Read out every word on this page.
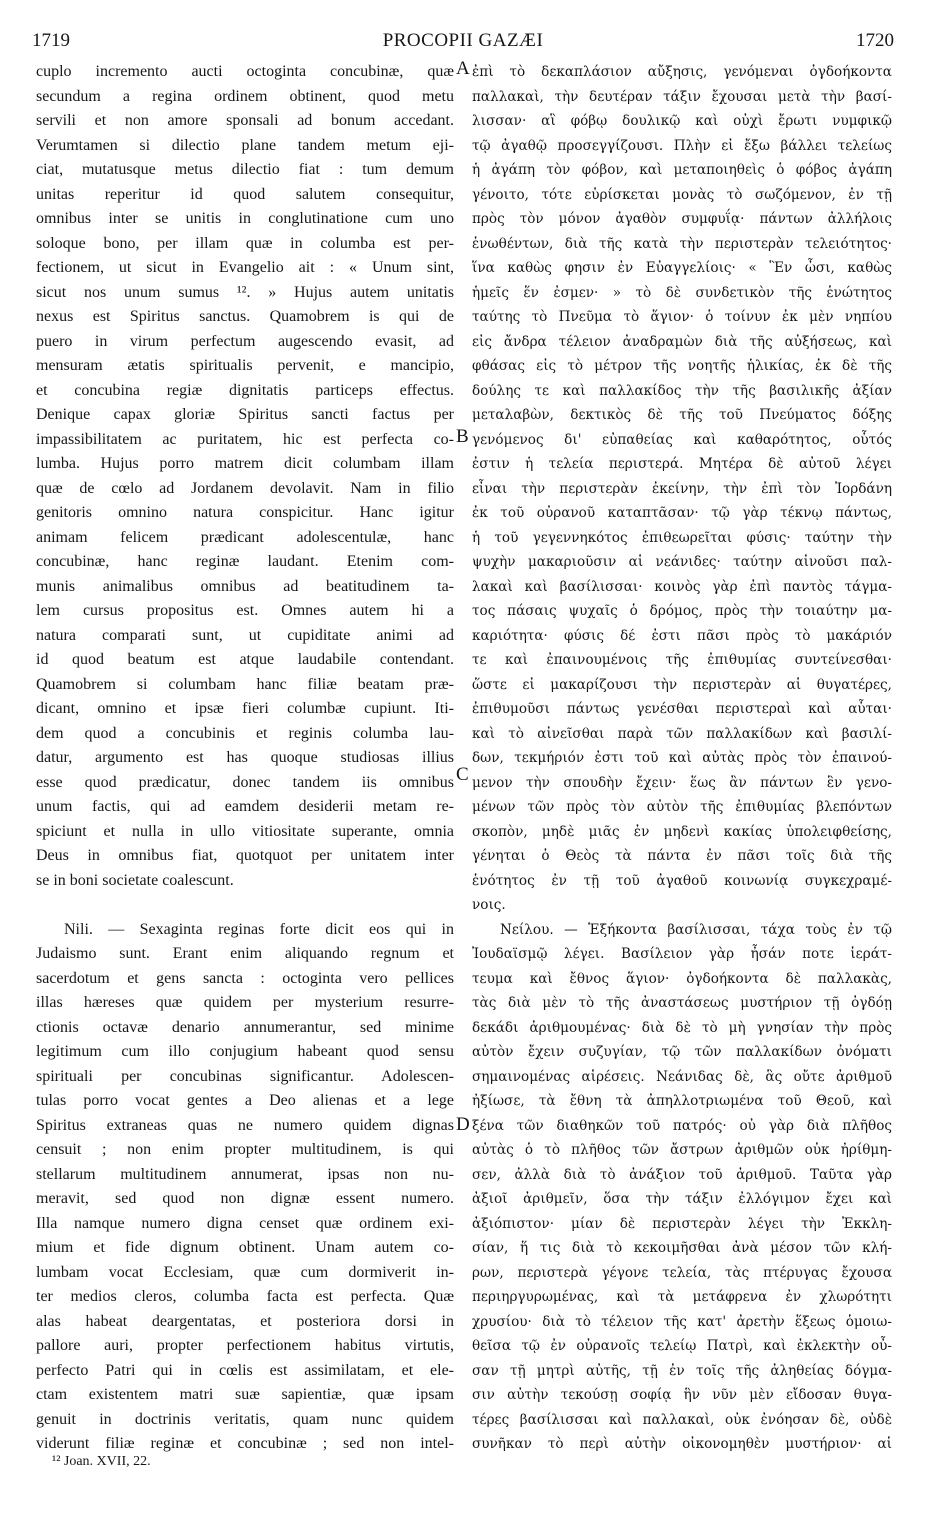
1719	PROCOPII GAZÆI	1720
cuplo incremento aucti octoginta concubinæ, quæ
secundum a regina ordinem obtinent, quod metu
servili et non amore sponsali ad bonum accedant.
Verumtamen si dilectio plane tandem metum eji-
ciat, mutatusque metus dilectio fiat : tum demum
unitas reperitur id quod salutem consequitur,
omnibus inter se unitis in conglutinatione cum uno
soloque bono, per illam quæ in columba est per-
fectionem, ut sicut in Evangelio ait : « Unum sint,
sicut nos unum sumus ¹². » Hujus autem unitatis
nexus est Spiritus sanctus. Quamobrem is qui de
puero in virum perfectum augescendo evasit, ad
mensuram ætatis spiritualis pervenit, e mancipio,
et concubina regiæ dignitatis particeps effectus.
Denique capax gloriæ Spiritus sancti factus per
impassibilitatem ac puritatem, hic est perfecta co-
lumba. Hujus porro matrem dicit columbam illam
quæ de cœlo ad Jordanem devolavit. Nam in filio
genitoris omnino natura conspicitur. Hanc igitur
animam felicem prædicant adolescentulæ, hanc
concubinæ, hanc reginæ laudant. Etenim com-
munis animalibus omnibus ad beatitudinem ta-
lem cursus propositus est. Omnes autem hi a
natura comparati sunt, ut cupiditate animi ad
id quod beatum est atque laudabile contendant.
Quamobrem si columbam hanc filiæ beatam præ-
dicant, omnino et ipsæ fieri columbæ cupiunt. Iti-
dem quod a concubinis et reginis columba lau-
datur, argumento est has quoque studiosas illius
esse quod prædicatur, donec tandem iis omnibus
unum factis, qui ad eamdem desiderii metam re-
spiciunt et nulla in ullo vitiositate superante, omnia
Deus in omnibus fiat, quotquot per unitatem inter
se in boni societate coalescunt.
Nili. — Sexaginta reginas forte dicit eos qui in
Judaismo sunt. Erant enim aliquando regnum et
sacerdotum et gens sancta : octoginta vero pellices
illas hæreses quæ quidem per mysterium resurre-
ctionis octavæ denario annumerantur, sed minime
legitimum cum illo conjugium habeant quod sensu
spirituali per concubinas significantur. Adolescen-
tulas porro vocat gentes a Deo alienas et a lege
Spiritus extraneas quas ne numero quidem dignas
censuit ; non enim propter multitudinem, is qui
stellarum multitudinem annumerat, ipsas non nu-
meravit, sed quod non dignæ essent numero.
Illa namque numero digna censet quæ ordinem exi-
mium et fide dignum obtinent. Unam autem co-
lumbam vocat Ecclesiam, quæ cum dormiverit in-
ter medios cleros, columba facta est perfecta. Quæ
alas habeat deargentatas, et posteriora dorsi in
pallore auri, propter perfectionem habitus virtutis,
perfecto Patri qui in cœlis est assimilatam, et ele-
ctam existentem matri suæ sapientiæ, quæ ipsam
genuit in doctrinis veritatis, quam nunc quidem
viderunt filiæ reginæ et concubinæ ; sed non intel-
ἐπὶ τὸ δεκαπλάσιον αὔξησις, γενόμεναι ὀγδοήκοντα
παλλακαὶ, τὴν δευτέραν τάξιν ἔχουσαι μετὰ τὴν βασί-
λισσαν· αἳ φόβῳ δουλικῷ καὶ οὐχὶ ἔρωτι νυμφικῷ
τῷ ἀγαθῷ προσεγγίζουσι. Πλὴν εἰ ἔξω βάλλει τελείως
ἡ ἀγάπη τὸν φόβον, καὶ μεταποιηθεὶς ὁ φόβος ἀγάπη
γένοιτο, τότε εὑρίσκεται μονὰς τὸ σωζόμενον, ἐν τῇ
πρὸς τὸν μόνον ἀγαθὸν συμφυΐᾳ· πάντων ἀλλήλοις
ἑνωθέντων, διὰ τῆς κατὰ τὴν περιστερὰν τελειότητος·
ἵνα καθὼς φησιν ἐν Εὐαγγελίοις· « Ἓν ὦσι, καθὼς
ἡμεῖς ἕν ἐσμεν· » τὸ δὲ συνδετικὸν τῆς ἑνώτητος
ταύτης τὸ Πνεῦμα τὸ ἅγιον· ὁ τοίνυν ἐκ μὲν νηπίου
εἰς ἄνδρα τέλειον ἀναδραμὼν διὰ τῆς αὐξήσεως, καὶ
φθάσας εἰς τὸ μέτρον τῆς νοητῆς ἡλικίας, ἐκ δὲ τῆς
δούλης τε καὶ παλλακίδος τὴν τῆς βασιλικῆς ἀξίαν
μεταλαβὼν, δεκτικὸς δὲ τῆς τοῦ Πνεύματος δόξης
γενόμενος δι' εὐπαθείας καὶ καθαρότητος, οὗτός
ἐστιν ἡ τελεία περιστερά. Μητέρα δὲ αὐτοῦ λέγει
εἶναι τὴν περιστερὰν ἐκείνην, τὴν ἐπὶ τὸν Ἰορδάνη
ἐκ τοῦ οὐρανοῦ καταπτᾶσαν· τῷ γὰρ τέκνῳ πάντως,
ἡ τοῦ γεγεννηκότος ἐπιθεωρεῖται φύσις· ταύτην τὴν
ψυχὴν μακαριοῦσιν αἱ νεάνιδες· ταύτην αἰνοῦσι παλ-
λακαὶ καὶ βασίλισσαι· κοινὸς γὰρ ἐπὶ παντὸς τάγμα-
τος πάσαις ψυχαῖς ὁ δρόμος, πρὸς τὴν τοιαύτην μα-
καριότητα· φύσις δέ ἐστι πᾶσι πρὸς τὸ μακάριόν
τε καὶ ἐπαινουμένοις τῆς ἐπιθυμίας συντείνεσθαι·
ὥστε εἰ μακαρίζουσι τὴν περιστερὰν αἱ θυγατέρες,
ἐπιθυμοῦσι πάντως γενέσθαι περιστεραὶ καὶ αὗται·
καὶ τὸ αἰνεῖσθαι παρὰ τῶν παλλακίδων καὶ βασιλί-
δων, τεκμήριόν ἐστι τοῦ καὶ αὐτὰς πρὸς τὸν ἐπαινού-
μενον τὴν σπουδὴν ἔχειν· ἕως ἂν πάντων ἓν γενο-
μένων τῶν πρὸς τὸν αὐτὸν τῆς ἐπιθυμίας βλεπόντων
σκοπὸν, μηδὲ μιᾶς ἐν μηδενὶ κακίας ὑπολειφθείσης,
γένηται ὁ Θεὸς τὰ πάντα ἐν πᾶσι τοῖς διὰ τῆς
ἑνότητος ἐν τῇ τοῦ ἀγαθοῦ κοινωνίᾳ συγκεχραμέ-
νοις.
Νείλου. — Ἑξήκοντα βασίλισσαι, τάχα τοὺς ἐν τῷ
Ἰουδαϊσμῷ λέγει. Βασίλειον γὰρ ἦσάν ποτε ἱεράτ-
τευμα καὶ ἔθνος ἅγιον· ὀγδοήκοντα δὲ παλλακὰς,
τὰς διὰ μὲν τὸ τῆς ἀναστάσεως μυστήριον τῇ ὀγδόῃ
δεκάδι ἀριθμουμένας· διὰ δὲ τὸ μὴ γνησίαν τὴν πρὸς
αὐτὸν ἔχειν συζυγίαν, τῷ τῶν παλλακίδων ὀνόματι
σημαινομένας αἱρέσεις. Νεάνιδας δὲ, ἃς οὔτε ἀριθμοῦ
ἠξίωσε, τὰ ἔθνη τὰ ἀπηλλοτριωμένα τοῦ Θεοῦ, καὶ
ξένα τῶν διαθηκῶν τοῦ πατρός· οὐ γὰρ διὰ πλῆθος
αὐτὰς ὁ τὸ πλῆθος τῶν ἄστρων ἀριθμῶν οὐκ ἠρίθμη-
σεν, ἀλλὰ διὰ τὸ ἀνάξιον τοῦ ἀριθμοῦ. Ταῦτα γὰρ
ἀξιοῖ ἀριθμεῖν, ὅσα τὴν τάξιν ἐλλόγιμον ἔχει καὶ
ἀξιόπιστον· μίαν δὲ περιστερὰν λέγει τὴν Ἐκκλη-
σίαν, ἥ τις διὰ τὸ κεκοιμῆσθαι ἀνὰ μέσον τῶν κλή-
ρων, περιστερὰ γέγονε τελεία, τὰς πτέρυγας ἔχουσα
περιηργυρωμένας, καὶ τὰ μετάφρενα ἐν χλωρότητι
χρυσίου· διὰ τὸ τέλειον τῆς κατ' ἀρετὴν ἕξεως ὁμοιω-
θεῖσα τῷ ἐν οὐρανοῖς τελείῳ Πατρὶ, καὶ ἐκλεκτὴν οὖ-
σαν τῇ μητρὶ αὐτῆς, τῇ ἐν τοῖς τῆς ἀληθείας δόγμα-
σιν αὐτὴν τεκούσῃ σοφίᾳ ἣν νῦν μὲν εἴδοσαν θυγα-
τέρες βασίλισσαι καὶ παλλακαὶ, οὐκ ἐνόησαν δὲ, οὐδὲ
συνῆκαν τὸ περὶ αὐτὴν οἰκονομηθὲν μυστήριον· αἱ
A
B
C
D
¹² Joan. XVII, 22.
